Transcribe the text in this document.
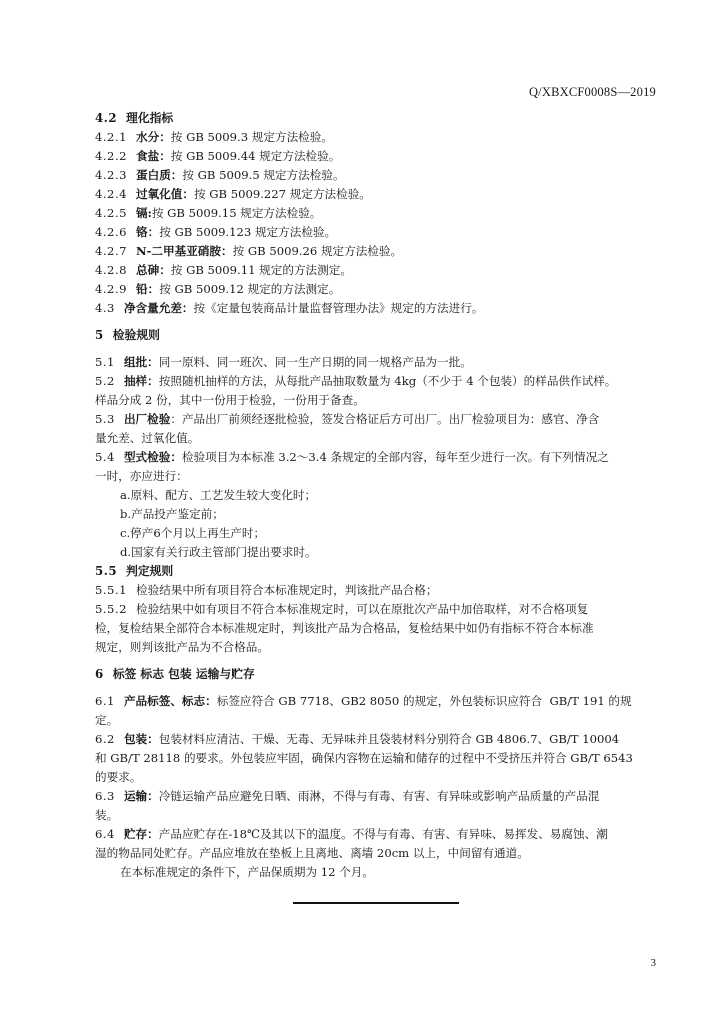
Q/XBXCF0008S—2019
4.2 理化指标
4.2.1 水分：按 GB 5009.3 规定方法检验。
4.2.2 食盐：按 GB 5009.44 规定方法检验。
4.2.3 蛋白质：按 GB 5009.5 规定方法检验。
4.2.4 过氧化值：按 GB 5009.227 规定方法检验。
4.2.5 镉:按 GB 5009.15 规定方法检验。
4.2.6 铬：按 GB 5009.123 规定方法检验。
4.2.7 N-二甲基亚硝胺：按 GB 5009.26 规定方法检验。
4.2.8 总砷：按 GB 5009.11 规定的方法测定。
4.2.9 铅：按 GB 5009.12 规定的方法测定。
4.3 净含量允差：按《定量包装商品计量监督管理办法》规定的方法进行。
5 检验规则
5.1 组批：同一原料、同一班次、同一生产日期的同一规格产品为一批。
5.2 抽样：按照随机抽样的方法，从每批产品抽取数量为 4kg（不少于 4 个包装）的样品供作试样。
样品分成 2 份，其中一份用于检验，一份用于备查。
5.3 出厂检验：产品出厂前须经逐批检验，签发合格证后方可出厂。出厂检验项目为：感官、净含
量允差、过氧化值。
5.4 型式检验：检验项目为本标准 3.2～3.4 条规定的全部内容，每年至少进行一次。有下列情况之
一时，亦应进行：
a.原料、配方、工艺发生较大变化时；
b.产品投产鉴定前；
c.停产6个月以上再生产时；
d.国家有关行政主管部门提出要求时。
5.5 判定规则
5.5.1 检验结果中所有项目符合本标准规定时，判该批产品合格；
5.5.2 检验结果中如有项目不符合本标准规定时，可以在原批次产品中加倍取样，对不合格项复
检，复检结果全部符合本标准规定时，判该批产品为合格品，复检结果中如仍有指标不符合本标准
规定，则判该批产品为不合格品。
6 标签 标志 包装 运输与贮存
6.1 产品标签、标志：标签应符合 GB 7718、GB2 8050 的规定，外包装标识应符合  GB/T 191 的规
定。
6.2 包装：包装材料应清洁、干燥、无毒、无异味并且袋装材料分别符合 GB 4806.7、GB/T 10004
和 GB/T 28118 的要求。外包装应牢固，确保内容物在运输和储存的过程中不受挤压并符合 GB/T 6543
的要求。
6.3 运输：冷链运输产品应避免日晒、雨淋，不得与有毒、有害、有异味或影响产品质量的产品混
装。
6.4 贮存：产品应贮存在-18℃及其以下的温度。不得与有毒、有害、有异味、易挥发、易腐蚀、潮
湿的物品同处贮存。产品应堆放在垫板上且离地、离墙 20cm 以上，中间留有通道。
在本标准规定的条件下，产品保质期为 12 个月。
3
